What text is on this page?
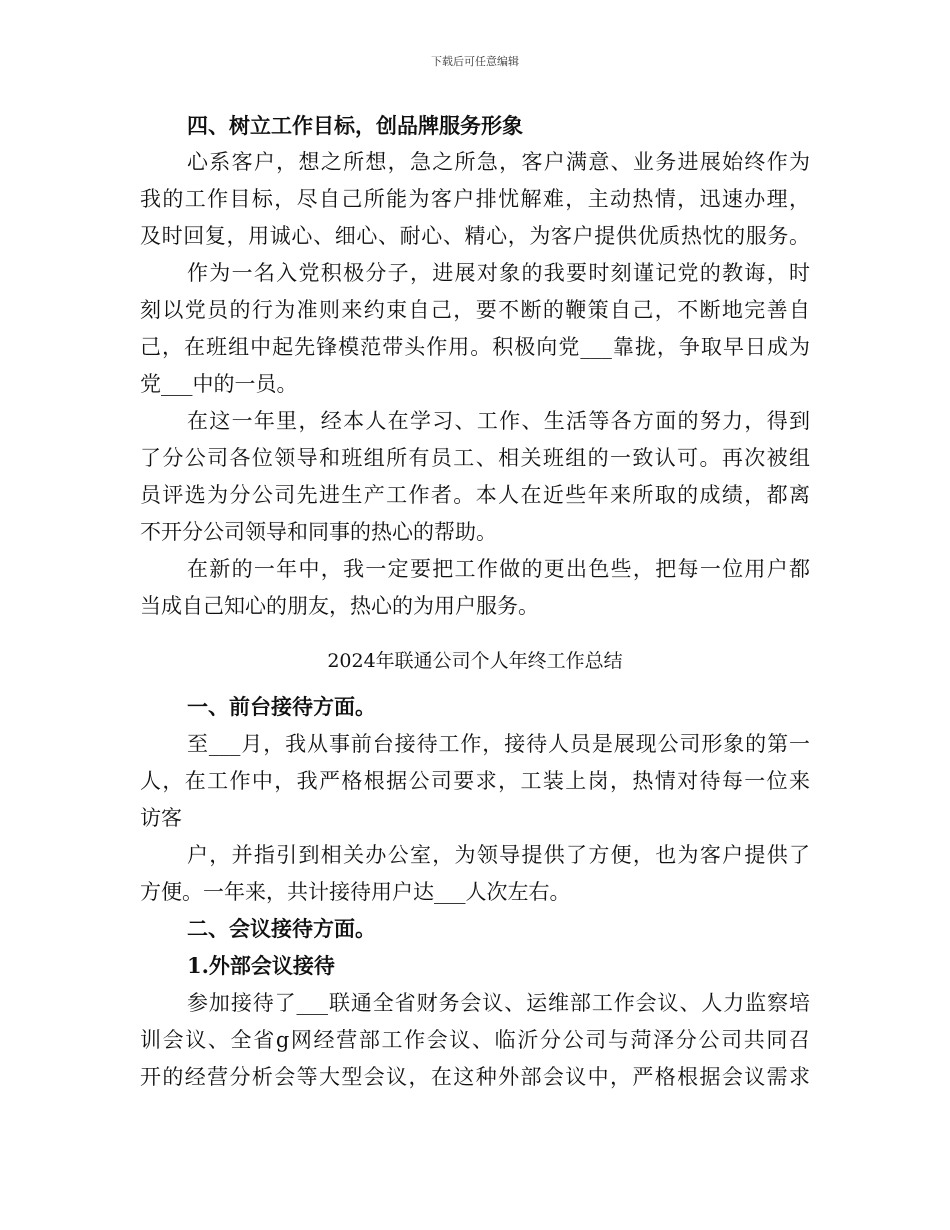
下载后可任意编辑
四、树立工作目标，创品牌服务形象
心系客户，想之所想，急之所急，客户满意、业务进展始终作为
我的工作目标，尽自己所能为客户排忧解难，主动热情，迅速办理，
及时回复，用诚心、细心、耐心、精心，为客户提供优质热忱的服务。
作为一名入党积极分子，进展对象的我要时刻谨记党的教诲，时
刻以党员的行为准则来约束自己，要不断的鞭策自己，不断地完善自
己，在班组中起先锋模范带头作用。积极向党___靠拢，争取早日成为
党___中的一员。
在这一年里，经本人在学习、工作、生活等各方面的努力，得到
了分公司各位领导和班组所有员工、相关班组的一致认可。再次被组
员评选为分公司先进生产工作者。本人在近些年来所取的成绩，都离
不开分公司领导和同事的热心的帮助。
在新的一年中，我一定要把工作做的更出色些，把每一位用户都
当成自己知心的朋友，热心的为用户服务。
2024年联通公司个人年终工作总结
一、前台接待方面。
至___月，我从事前台接待工作，接待人员是展现公司形象的第一
人，在工作中，我严格根据公司要求，工装上岗，热情对待每一位来
访客
户，并指引到相关办公室，为领导提供了方便，也为客户提供了
方便。一年来，共计接待用户达___人次左右。
二、会议接待方面。
1.外部会议接待
参加接待了___联通全省财务会议、运维部工作会议、人力监察培
训会议、全省g网经营部工作会议、临沂分公司与菏泽分公司共同召
开的经营分析会等大型会议，在这种外部会议中，严格根据会议需求
